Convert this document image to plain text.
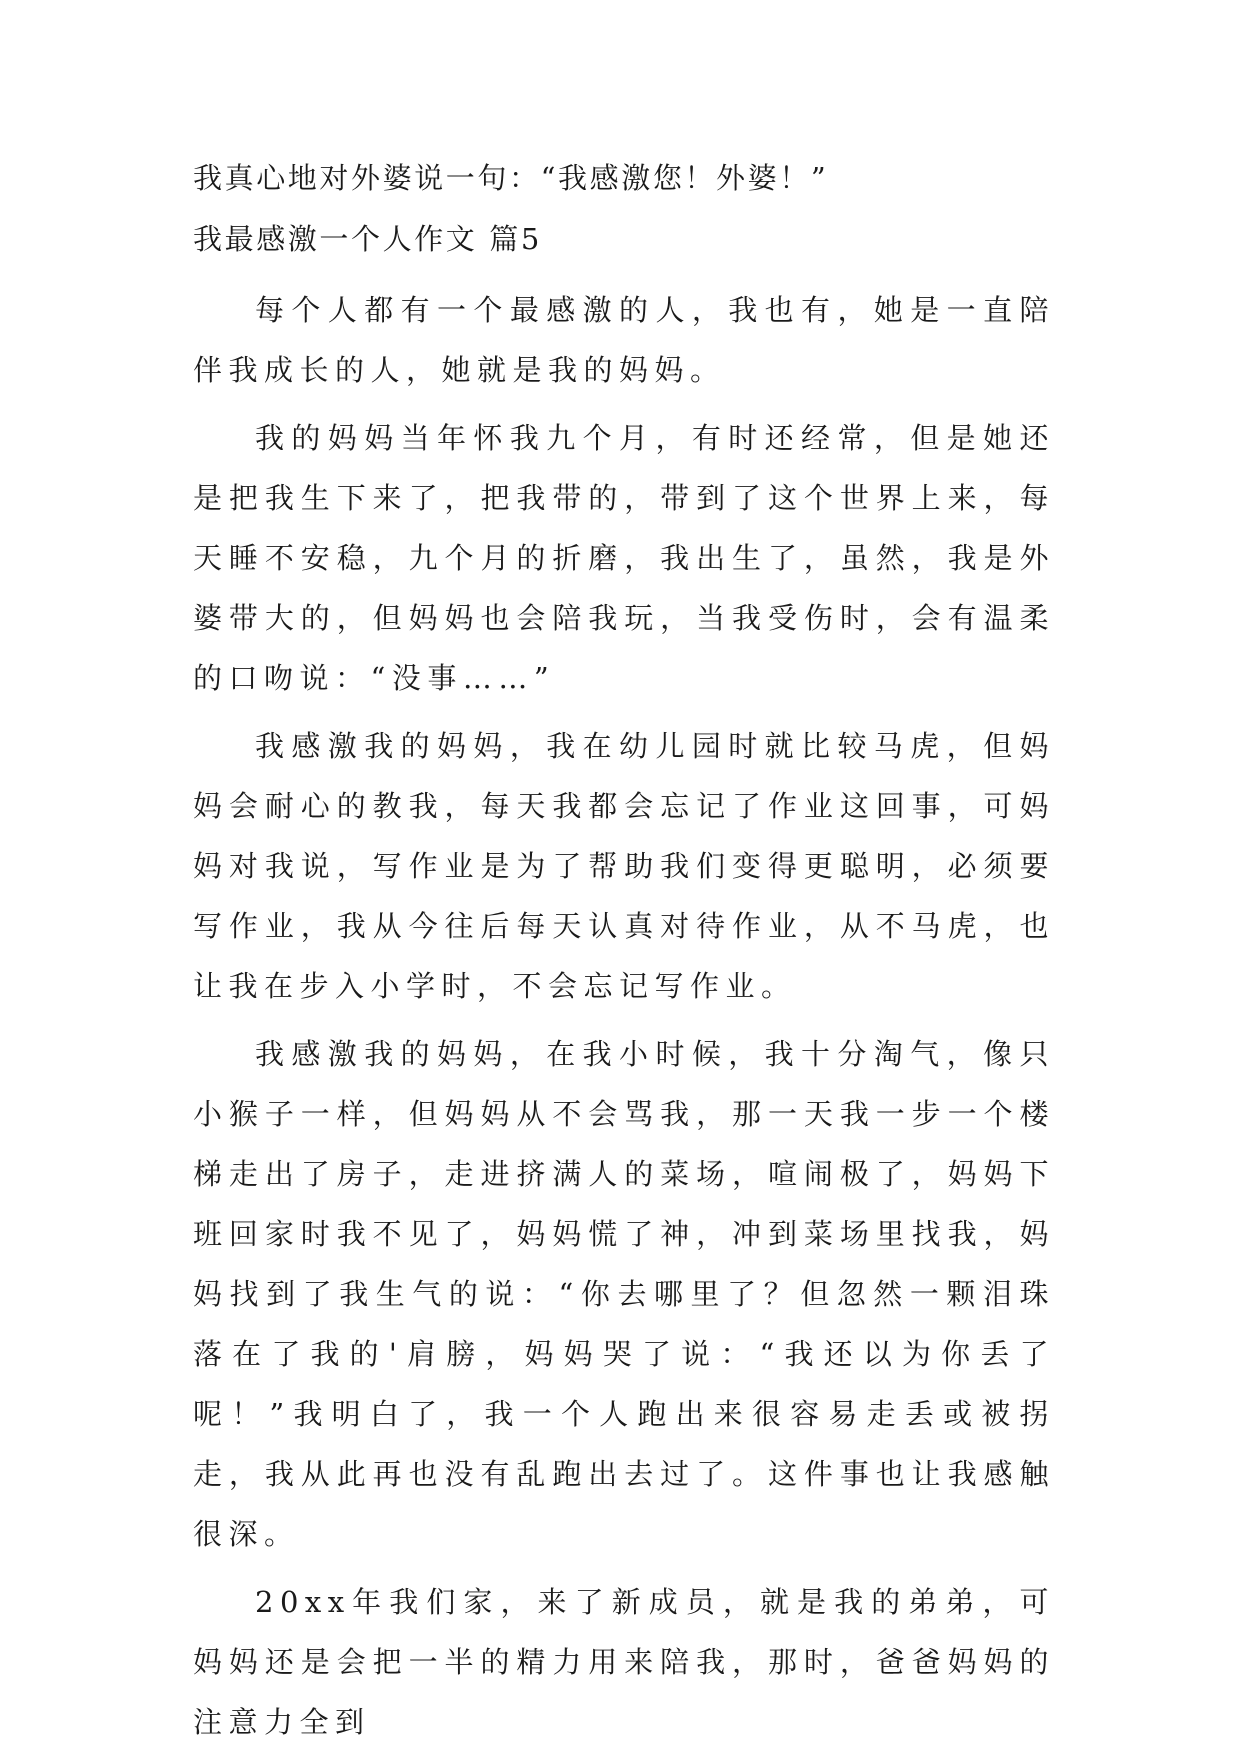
我真心地对外婆说一句：“我感激您！外婆！”

我最感激一个人作文 篇5

每个人都有一个最感激的人，我也有，她是一直陪伴我成长的人，她就是我的妈妈。

我的妈妈当年怀我九个月，有时还经常，但是她还是把我生下来了，把我带的，带到了这个世界上来，每天睡不安稳，九个月的折磨，我出生了，虽然，我是外婆带大的，但妈妈也会陪我玩，当我受伤时，会有温柔的口吻说：“没事……”

我感激我的妈妈，我在幼儿园时就比较马虎，但妈妈会耐心的教我，每天我都会忘记了作业这回事，可妈妈对我说，写作业是为了帮助我们变得更聪明，必须要写作业，我从今往后每天认真对待作业，从不马虎，也让我在步入小学时，不会忘记写作业。

我感激我的妈妈，在我小时候，我十分淘气，像只小猴子一样，但妈妈从不会骂我，那一天我一步一个楼梯走出了房子，走进挤满人的菜场，喧闹极了，妈妈下班回家时我不见了，妈妈慌了神，冲到菜场里找我，妈妈找到了我生气的说：“你去哪里了？但忽然一颗泪珠落在了我的'肩膀，妈妈哭了说：“我还以为你丢了呢！”我明白了，我一个人跑出来很容易走丢或被拐走，我从此再也没有乱跑出去过了。这件事也让我感触很深。

20xx年我们家，来了新成员，就是我的弟弟，可妈妈还是会把一半的精力用来陪我，那时，爸爸妈妈的注意力全到
